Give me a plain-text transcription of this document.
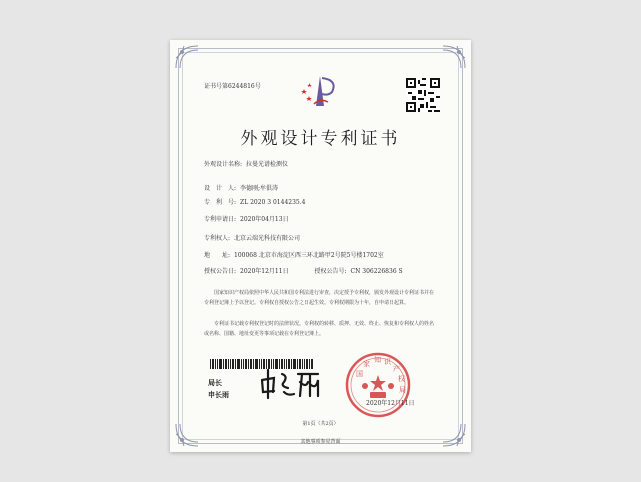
证书号第6244816号
外观设计专利证书
外观设计名称: 拉曼光谱检测仪
设　计　人: 李德刚;牟俱涛
专　利　号: ZL 2020 3 0144235.4
专利申请日: 2020年04月13日
专利权人: 北京云端光科技有限公司
地　　址: 100068 北京市海淀区西三环北路甲2号院5号楼1702室
授权公告日: 2020年12月11日	授权公告号: CN 306226836 S
国家知识产权局依照中华人民共和国专利法进行审查，决定授予专利权，颁发外观设计专利证书并在专利登记簿上予以登记。专利权自授权公告之日起生效。专利权期限为十年，自申请日起算。
专利证书记载专利权登记时的法律状况。专利权的转移、质押、无效、终止、恢复和专利权人的姓名或名称、国籍、地址变更等事项记载在专利登记簿上。
局长
申长雨
国
家 知 识
产
权
局
2020年12月11日
第1页（共2页）
其他事项参见背面
